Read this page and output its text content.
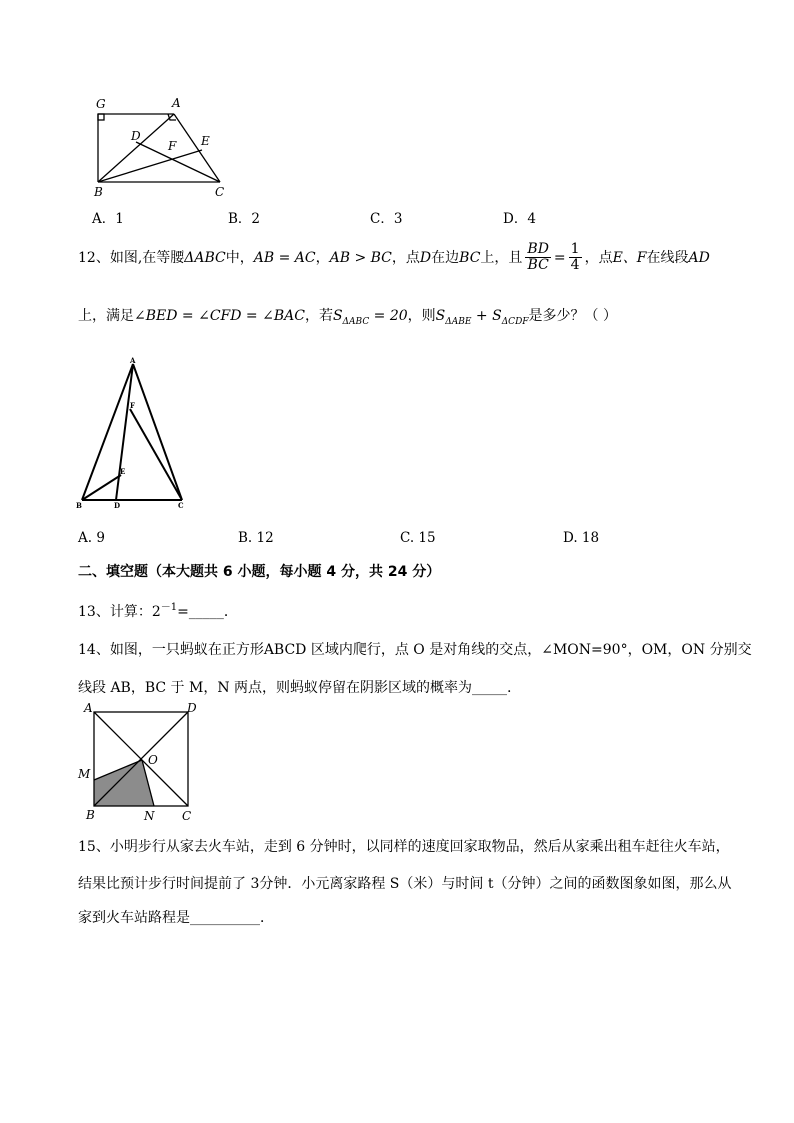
G	A
D	E
F
B	C
A．1	B．2	C．3	D．4
12、如图,在等腰ΔABC中，AB = AC，AB > BC，点D在边BC上，且 $\frac{BD}{BC} = \frac{1}{4}$ ，点E、F在线段AD
上，满足∠BED = ∠CFD = ∠BAC，若$S_{\Delta ABC} = 20$，则$S_{\Delta ABE} + S_{\Delta CDF}$是多少？（ ）
A
F
E
B	D	C
A. 9	B. 12	C. 15	D. 18
二、填空题（本大题共 6 小题，每小题 4 分，共 24 分）
13、计算：$2^{-1}=\_\_\_\_\_$．
14、如图，一只蚂蚁在正方形ABCD 区域内爬行，点 O 是对角线的交点，∠MON=90°，OM，ON 分别交
线段 AB，BC 于 M，N 两点，则蚂蚁停留在阴影区域的概率为_____.
A	D
O
M
B	N C
15、小明步行从家去火车站，走到 6 分钟时，以同样的速度回家取物品，然后从家乘出租车赶往火车站，
结果比预计步行时间提前了 3分钟．小元离家路程 S（米）与时间 t（分钟）之间的函数图象如图，那么从
家到火车站路程是__________．
